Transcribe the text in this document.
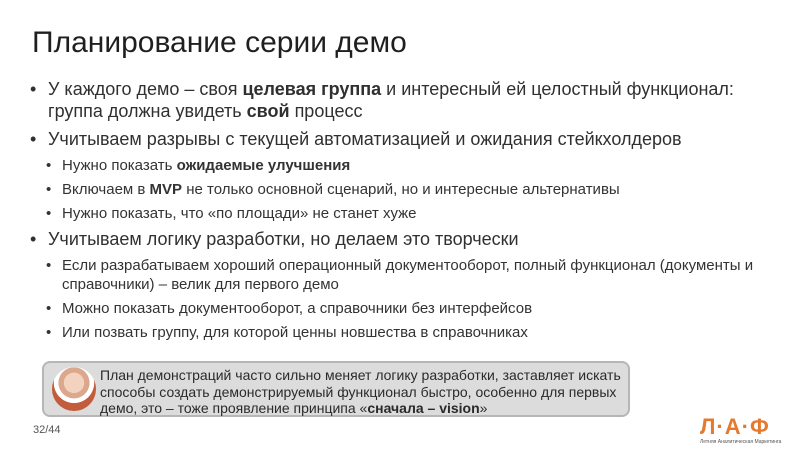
Планирование серии демо
• У каждого демо – своя целевая группа и интересный ей целостный функционал: группа должна увидеть свой процесс
• Учитываем разрывы с текущей автоматизацией и ожидания стейкхолдеров
• Нужно показать ожидаемые улучшения
• Включаем в MVP не только основной сценарий, но и интересные альтернативы
• Нужно показать, что «по площади» не станет хуже
• Учитываем логику разработки, но делаем это творчески
• Если разрабатываем хороший операционный документооборот, полный функционал (документы и справочники) – велик для первого демо
• Можно показать документооборот, а справочники без интерфейсов
• Или позвать группу, для которой ценны новшества в справочниках
План демонстраций часто сильно меняет логику разработки, заставляет искать способы создать демонстрируемый функционал быстро, особенно для первых демо, это – тоже проявление принципа «сначала – vision»
32/44	Л·А·Ф
Летняя Аналитическая Маркетинга
